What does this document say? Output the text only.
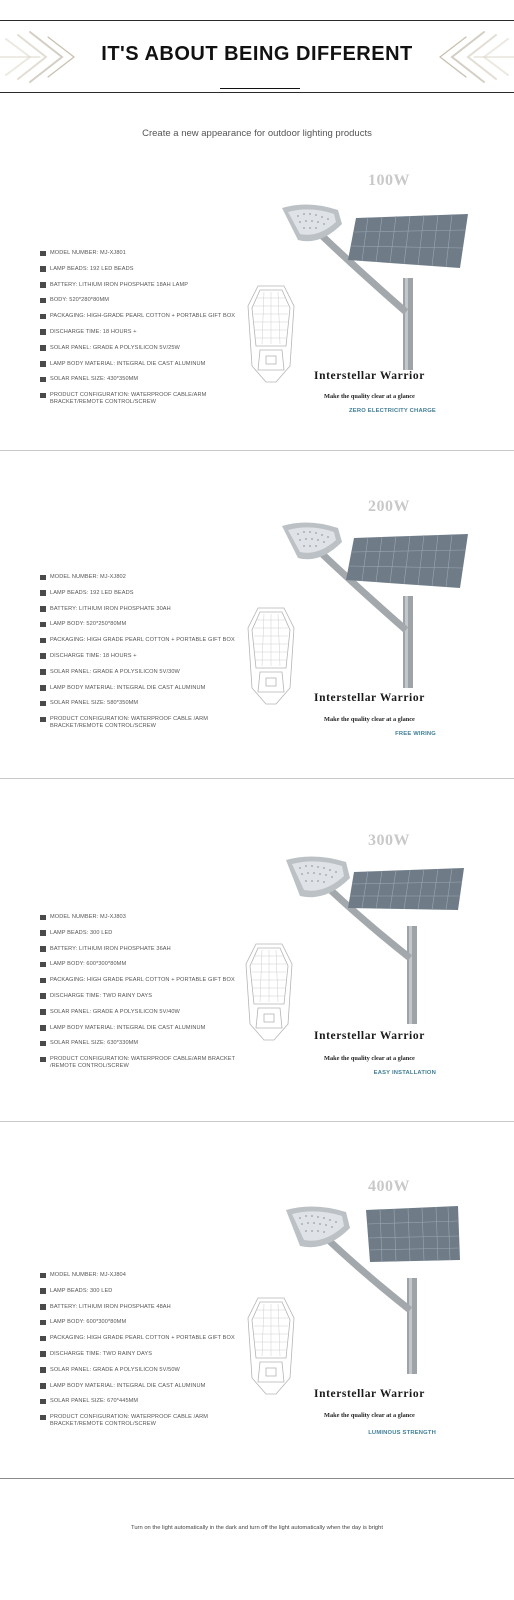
IT'S ABOUT BEING DIFFERENT
Create a new appearance for outdoor lighting products
100W
MODEL NUMBER: MJ-XJ801
LAMP BEADS: 192 LED BEADS
BATTERY: LITHIUM IRON PHOSPHATE 18AH LAMP
BODY: 520*280*80MM
PACKAGING: HIGH-GRADE PEARL COTTON + PORTABLE GIFT BOX
DISCHARGE TIME: 18 HOURS +
SOLAR PANEL: GRADE A POLYSILICON 5V/25W
LAMP BODY MATERIAL: INTEGRAL DIE CAST ALUMINUM
SOLAR PANEL SIZE: 430*350MM
PRODUCT CONFIGURATION: WATERPROOF CABLE/ARM BRACKET/REMOTE CONTROL/SCREW
Interstellar Warrior
Make the quality clear at a glance
ZERO ELECTRICITY CHARGE
200W
MODEL NUMBER: MJ-XJ802
LAMP BEADS: 192 LED BEADS
BATTERY: LITHIUM IRON PHOSPHATE 30AH
LAMP BODY: 520*250*80MM
PACKAGING: HIGH GRADE PEARL COTTON + PORTABLE GIFT BOX
DISCHARGE TIME: 18 HOURS +
SOLAR PANEL: GRADE A POLYSILICON 5V/30W
LAMP BODY MATERIAL: INTEGRAL DIE CAST ALUMINUM
SOLAR PANEL SIZE: 580*350MM
PRODUCT CONFIGURATION: WATERPROOF CABLE /ARM BRACKET/REMOTE CONTROL/SCREW
Interstellar Warrior
Make the quality clear at a glance
FREE WIRING
300W
MODEL NUMBER: MJ-XJ803
LAMP BEADS: 300 LED
BATTERY: LITHIUM IRON PHOSPHATE 36AH
LAMP BODY: 600*300*80MM
PACKAGING: HIGH GRADE PEARL COTTON + PORTABLE GIFT BOX
DISCHARGE TIME: TWO RAINY DAYS
SOLAR PANEL: GRADE A POLYSILICON 5V/40W
LAMP BODY MATERIAL: INTEGRAL DIE CAST ALUMINUM
SOLAR PANEL SIZE: 630*330MM
PRODUCT CONFIGURATION: WATERPROOF CABLE/ARM BRACKET /REMOTE CONTROL/SCREW
Interstellar Warrior
Make the quality clear at a glance
EASY INSTALLATION
400W
MODEL NUMBER: MJ-XJ804
LAMP BEADS: 300 LED
BATTERY: LITHIUM IRON PHOSPHATE 48AH
LAMP BODY: 600*300*80MM
PACKAGING: HIGH GRADE PEARL COTTON + PORTABLE GIFT BOX
DISCHARGE TIME: TWO RAINY DAYS
SOLAR PANEL: GRADE A POLYSILICON 5V/50W
LAMP BODY MATERIAL: INTEGRAL DIE CAST ALUMINUM
SOLAR PANEL SIZE: 670*445MM
PRODUCT CONFIGURATION: WATERPROOF CABLE /ARM BRACKET/REMOTE CONTROL/SCREW
Interstellar Warrior
Make the quality clear at a glance
LUMINOUS STRENGTH
Turn on the light automatically in the dark and turn off the light automatically when the day is bright
